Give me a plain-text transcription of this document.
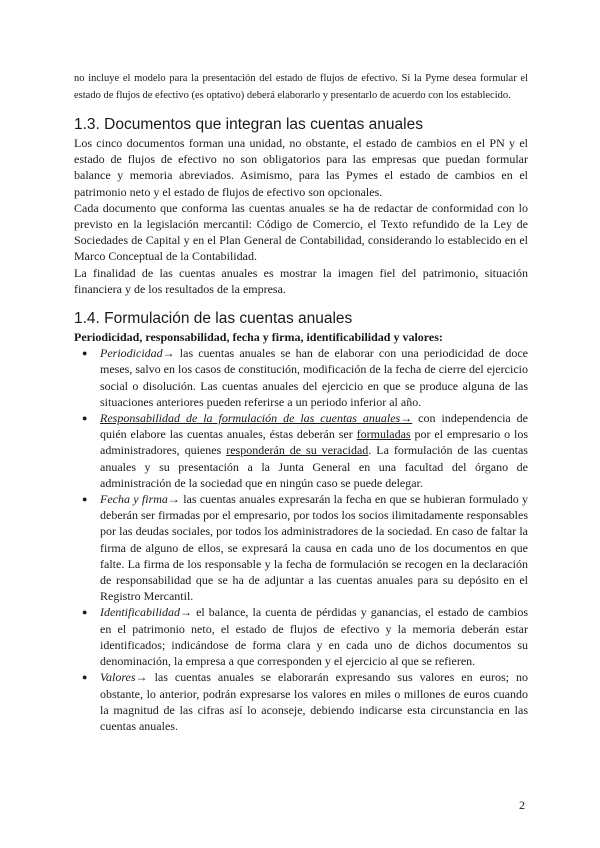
no incluye el modelo para la presentación del estado de flujos de efectivo. Si la Pyme desea formular el estado de flujos de efectivo (es optativo) deberá elaborarlo y presentarlo de acuerdo con los establecido.

1.3. Documentos que integran las cuentas anuales

Los cinco documentos forman una unidad, no obstante, el estado de cambios en el PN y el estado de flujos de efectivo no son obligatorios para las empresas que puedan formular balance y memoria abreviados. Asimismo, para las Pymes el estado de cambios en el patrimonio neto y el estado de flujos de efectivo son opcionales.

Cada documento que conforma las cuentas anuales se ha de redactar de conformidad con lo previsto en la legislación mercantil: Código de Comercio, el Texto refundido de la Ley de Sociedades de Capital y en el Plan General de Contabilidad, considerando lo establecido en el Marco Conceptual de la Contabilidad.

La finalidad de las cuentas anuales es mostrar la imagen fiel del patrimonio, situación financiera y de los resultados de la empresa.

1.4. Formulación de las cuentas anuales

Periodicidad, responsabilidad, fecha y firma, identificabilidad y valores:

● Periodicidad→ las cuentas anuales se han de elaborar con una periodicidad de doce meses, salvo en los casos de constitución, modificación de la fecha de cierre del ejercicio social o disolución. Las cuentas anuales del ejercicio en que se produce alguna de las situaciones anteriores pueden referirse a un periodo inferior al año.
● Responsabilidad de la formulación de las cuentas anuales→ con independencia de quién elabore las cuentas anuales, éstas deberán ser formuladas por el empresario o los administradores, quienes responderán de su veracidad. La formulación de las cuentas anuales y su presentación a la Junta General en una facultad del órgano de administración de la sociedad que en ningún caso se puede delegar.
● Fecha y firma→ las cuentas anuales expresarán la fecha en que se hubieran formulado y deberán ser firmadas por el empresario, por todos los socios ilimitadamente responsables por las deudas sociales, por todos los administradores de la sociedad. En caso de faltar la firma de alguno de ellos, se expresará la causa en cada uno de los documentos en que falte. La firma de los responsable y la fecha de formulación se recogen en la declaración de responsabilidad que se ha de adjuntar a las cuentas anuales para su depósito en el Registro Mercantil.
● Identificabilidad→ el balance, la cuenta de pérdidas y ganancias, el estado de cambios en el patrimonio neto, el estado de flujos de efectivo y la memoria deberán estar identificados; indicándose de forma clara y en cada uno de dichos documentos su denominación, la empresa a que corresponden y el ejercicio al que se refieren.
● Valores→ las cuentas anuales se elaborarán expresando sus valores en euros; no obstante, lo anterior, podrán expresarse los valores en miles o millones de euros cuando la magnitud de las cifras así lo aconseje, debiendo indicarse esta circunstancia en las cuentas anuales.
2
